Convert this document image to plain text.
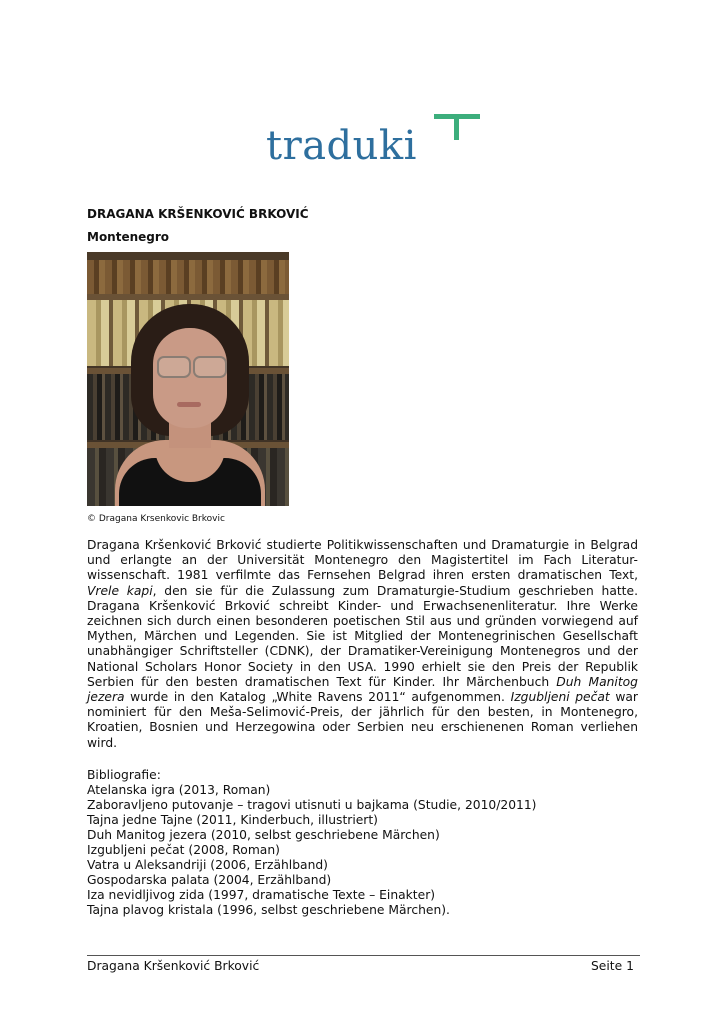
traduki
DRAGANA KRŠENKOVIĆ BRKOVIĆ
Montenegro

© Dragana Krsenkovic Brkovic

Dragana Kršenković Brković studierte Politikwissenschaften und Dramaturgie in Belgrad und erlangte an der Universität Montenegro den Magistertitel im Fach Literatur-wissenschaft. 1981 verfilmte das Fernsehen Belgrad ihren ersten dramatischen Text, Vrele kapi, den sie für die Zulassung zum Dramaturgie-Studium geschrieben hatte. Dragana Kršenković Brković schreibt Kinder- und Erwachsenenliteratur. Ihre Werke zeichnen sich durch einen besonderen poetischen Stil aus und gründen vorwiegend auf Mythen, Märchen und Legenden. Sie ist Mitglied der Montenegrinischen Gesellschaft unabhängiger Schriftsteller (CDNK), der Dramatiker-Vereinigung Montenegros und der National Scholars Honor Society in den USA. 1990 erhielt sie den Preis der Republik Serbien für den besten dramatischen Text für Kinder. Ihr Märchenbuch Duh Manitog jezera wurde in den Katalog „White Ravens 2011“ aufgenommen. Izgubljeni pečat war nominiert für den Meša-Selimović-Preis, der jährlich für den besten, in Montenegro, Kroatien, Bosnien und Herzegowina oder Serbien neu erschienenen Roman verliehen wird.

Bibliografie:
Atelanska igra (2013, Roman)
Zaboravljeno putovanje – tragovi utisnuti u bajkama (Studie, 2010/2011)
Tajna jedne Tajne (2011, Kinderbuch, illustriert)
Duh Manitog jezera (2010, selbst geschriebene Märchen)
Izgubljeni pečat (2008, Roman)
Vatra u Aleksandriji (2006, Erzählband)
Gospodarska palata (2004, Erzählband)
Iza nevidljivog zida (1997, dramatische Texte – Einakter)
Tajna plavog kristala (1996, selbst geschriebene Märchen).
Dragana Kršenković Brković	Seite 1
